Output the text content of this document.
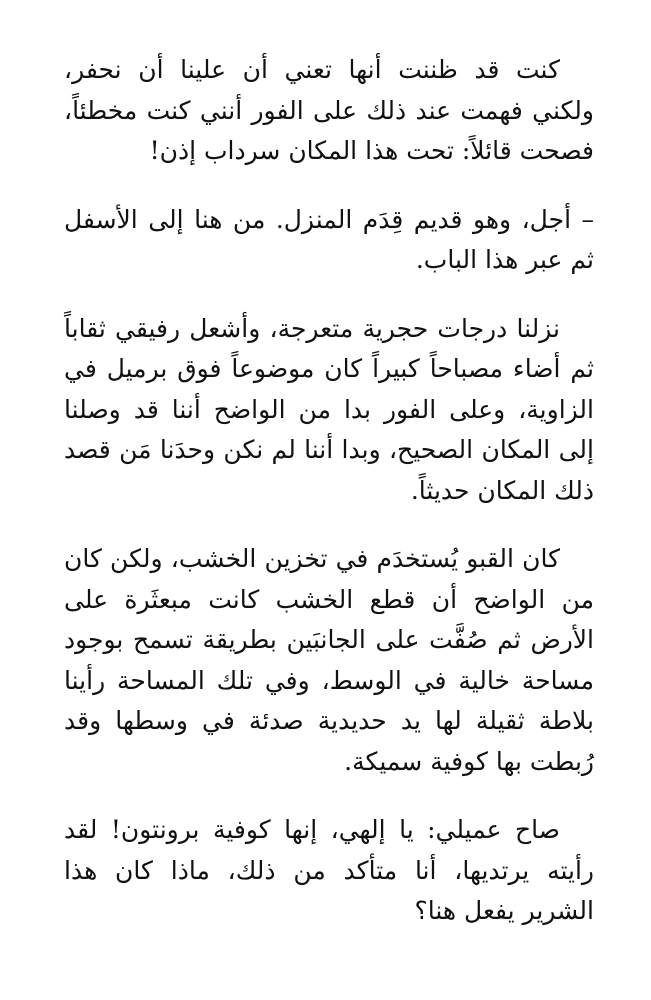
كنت قد ظننت أنها تعني أن علينا أن نحفر، ولكني فهمت عند ذلك على الفور أنني كنت مخطئاً، فصحت قائلاً: تحت هذا المكان سرداب إذن!

– أجل، وهو قديم قِدَم المنزل. من هنا إلى الأسفل ثم عبر هذا الباب.

نزلنا درجات حجرية متعرجة، وأشعل رفيقي ثقاباً ثم أضاء مصباحاً كبيراً كان موضوعاً فوق برميل في الزاوية، وعلى الفور بدا من الواضح أننا قد وصلنا إلى المكان الصحيح، وبدا أننا لم نكن وحدَنا مَن قصد ذلك المكان حديثاً.

كان القبو يُستخدَم في تخزين الخشب، ولكن كان من الواضح أن قطع الخشب كانت مبعثَرة على الأرض ثم صُفَّت على الجانبَين بطريقة تسمح بوجود مساحة خالية في الوسط، وفي تلك المساحة رأينا بلاطة ثقيلة لها يد حديدية صدئة في وسطها وقد رُبطت بها كوفية سميكة.

صاح عميلي: يا إلهي، إنها كوفية برونتون! لقد رأيته يرتديها، أنا متأكد من ذلك، ماذا كان هذا الشرير يفعل هنا؟
